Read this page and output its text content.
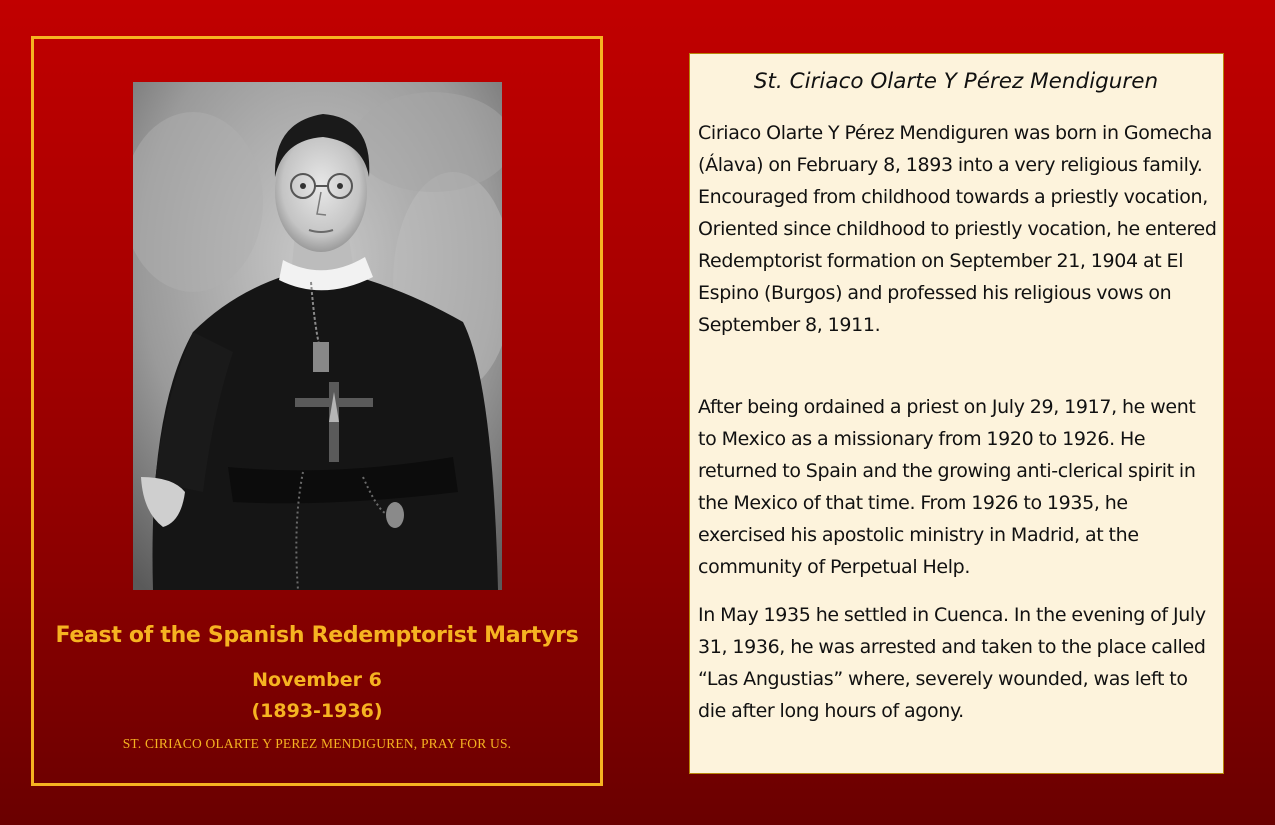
Feast of the Spanish Redemptorist Martyrs
November 6
(1893-1936)
ST. CIRIACO OLARTE Y PEREZ MENDIGUREN, PRAY FOR US.
St. Ciriaco Olarte Y Pérez Mendiguren

Ciriaco Olarte Y Pérez Mendiguren was born in Gomecha (Álava) on February 8, 1893 into a very religious family. Encouraged from childhood towards a priestly vocation, Oriented since childhood to priestly vocation, he entered Redemptorist formation on September 21, 1904 at El Espino (Burgos) and professed his religious vows on September 8, 1911.

After being ordained a priest on July 29, 1917, he went to Mexico as a missionary from 1920 to 1926. He returned to Spain and the growing anti-clerical spirit in the Mexico of that time. From 1926 to 1935, he exercised his apostolic ministry in Madrid, at the community of Perpetual Help.

In May 1935 he settled in Cuenca. In the evening of July 31, 1936, he was arrested and taken to the place called “Las Angustias” where, severely wounded, was left to die after long hours of agony.
